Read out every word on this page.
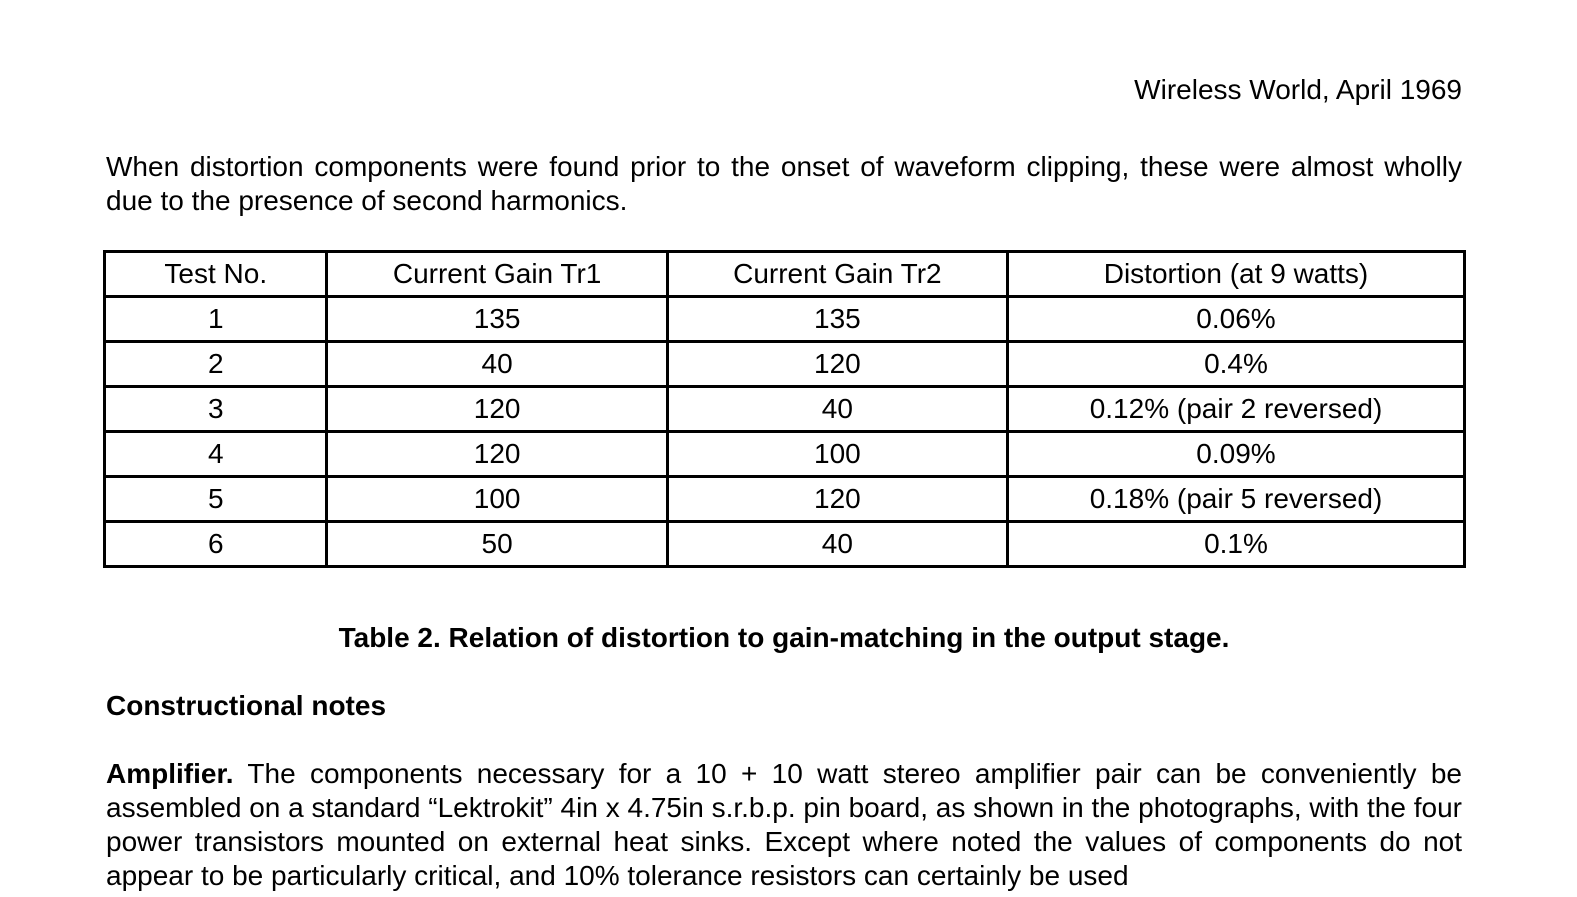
Wireless World, April 1969
When distortion components were found prior to the onset of waveform clipping, these were almost wholly due to the presence of second harmonics.
Test No.	Current Gain Tr1	Current Gain Tr2	Distortion (at 9 watts)
1	135	135	0.06%
2	40	120	0.4%
3	120	40	0.12% (pair 2 reversed)
4	120	100	0.09%
5	100	120	0.18% (pair 5 reversed)
6	50	40	0.1%
Table 2. Relation of distortion to gain-matching in the output stage.
Constructional notes
Amplifier. The components necessary for a 10 + 10 watt stereo amplifier pair can be conveniently be assembled on a standard “Lektrokit” 4in x 4.75in s.r.b.p. pin board, as shown in the photographs, with the four power transistors mounted on external heat sinks. Except where noted the values of components do not appear to be particularly critical, and 10% tolerance resistors can certainly be used
